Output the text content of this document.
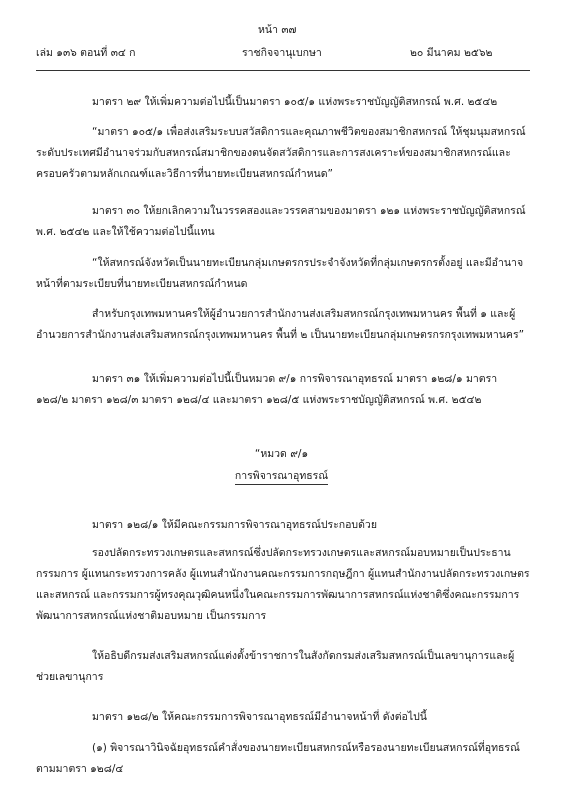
หน้า ๓๗
เล่ม ๑๓๖ ตอนที่ ๓๔ ก	ราชกิจจานุเบกษา	๒๐ มีนาคม ๒๕๖๒

มาตรา ๒๙ ให้เพิ่มความต่อไปนี้เป็นมาตรา ๑๐๕/๑ แห่งพระราชบัญญัติสหกรณ์ พ.ศ. ๒๕๔๒

“มาตรา ๑๐๕/๑ เพื่อส่งเสริมระบบสวัสดิการและคุณภาพชีวิตของสมาชิกสหกรณ์ ให้ชุมนุมสหกรณ์ระดับประเทศมีอำนาจร่วมกับสหกรณ์สมาชิกของตนจัดสวัสดิการและการสงเคราะห์ของสมาชิกสหกรณ์และครอบครัวตามหลักเกณฑ์และวิธีการที่นายทะเบียนสหกรณ์กำหนด”

มาตรา ๓๐ ให้ยกเลิกความในวรรคสองและวรรคสามของมาตรา ๑๒๑ แห่งพระราชบัญญัติสหกรณ์ พ.ศ. ๒๕๔๒ และให้ใช้ความต่อไปนี้แทน

“ให้สหกรณ์จังหวัดเป็นนายทะเบียนกลุ่มเกษตรกรประจำจังหวัดที่กลุ่มเกษตรกรตั้งอยู่ และมีอำนาจหน้าที่ตามระเบียบที่นายทะเบียนสหกรณ์กำหนด

สำหรับกรุงเทพมหานครให้ผู้อำนวยการสำนักงานส่งเสริมสหกรณ์กรุงเทพมหานคร พื้นที่ ๑ และผู้อำนวยการสำนักงานส่งเสริมสหกรณ์กรุงเทพมหานคร พื้นที่ ๒ เป็นนายทะเบียนกลุ่มเกษตรกรกรุงเทพมหานคร”

มาตรา ๓๑ ให้เพิ่มความต่อไปนี้เป็นหมวด ๙/๑ การพิจารณาอุทธรณ์ มาตรา ๑๒๘/๑ มาตรา ๑๒๘/๒ มาตรา ๑๒๘/๓ มาตรา ๑๒๘/๔ และมาตรา ๑๒๘/๕ แห่งพระราชบัญญัติสหกรณ์ พ.ศ. ๒๕๔๒

“หมวด ๙/๑

การพิจารณาอุทธรณ์

มาตรา ๑๒๘/๑ ให้มีคณะกรรมการพิจารณาอุทธรณ์ประกอบด้วย

รองปลัดกระทรวงเกษตรและสหกรณ์ซึ่งปลัดกระทรวงเกษตรและสหกรณ์มอบหมายเป็นประธานกรรมการ ผู้แทนกระทรวงการคลัง ผู้แทนสำนักงานคณะกรรมการกฤษฎีกา ผู้แทนสำนักงานปลัดกระทรวงเกษตรและสหกรณ์ และกรรมการผู้ทรงคุณวุฒิคนหนึ่งในคณะกรรมการพัฒนาการสหกรณ์แห่งชาติซึ่งคณะกรรมการพัฒนาการสหกรณ์แห่งชาติมอบหมาย เป็นกรรมการ

ให้อธิบดีกรมส่งเสริมสหกรณ์แต่งตั้งข้าราชการในสังกัดกรมส่งเสริมสหกรณ์เป็นเลขานุการและผู้ช่วยเลขานุการ

มาตรา ๑๒๘/๒ ให้คณะกรรมการพิจารณาอุทธรณ์มีอำนาจหน้าที่ ดังต่อไปนี้

(๑) พิจารณาวินิจฉัยอุทธรณ์คำสั่งของนายทะเบียนสหกรณ์หรือรองนายทะเบียนสหกรณ์ที่อุทธรณ์ตามมาตรา ๑๒๘/๔
